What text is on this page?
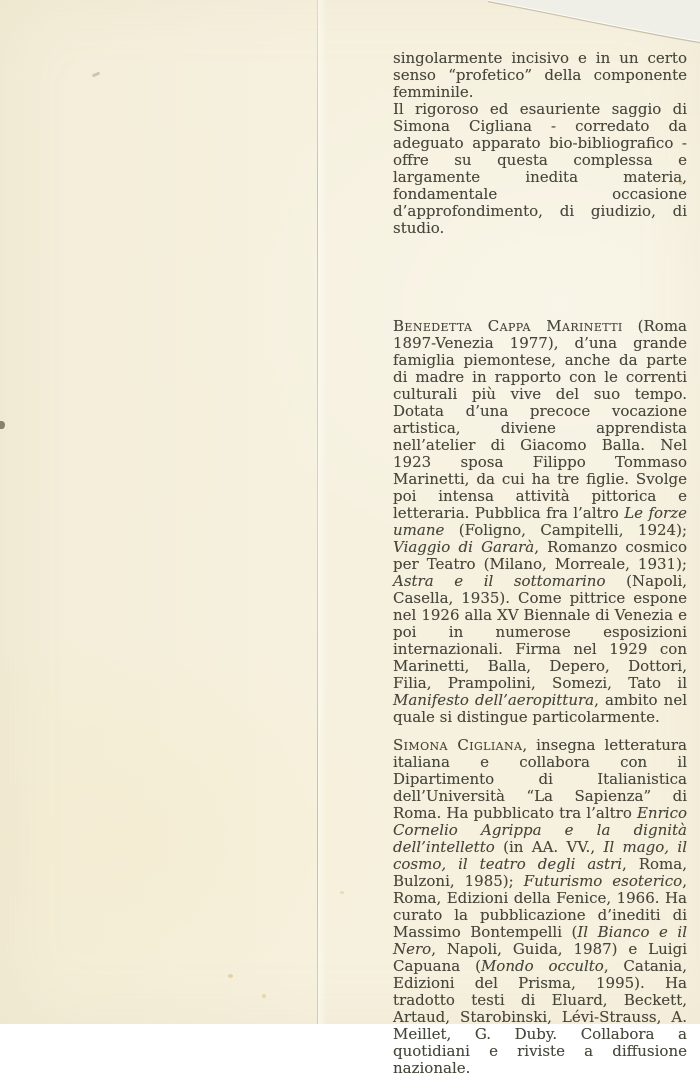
singolarmente incisivo e in un certo senso “profetico” della componente femminile.

Il rigoroso ed esauriente saggio di Simona Cigliana - corredato da adeguato apparato bio-bibliografico - offre su questa complessa e largamente inedita materia, fondamentale occasione d’approfondimento, di giudizio, di studio.

Benedetta Cappa Marinetti (Roma 1897-Venezia 1977), d’una grande famiglia piemontese, anche da parte di madre in rapporto con le correnti culturali più vive del suo tempo. Dotata d’una precoce vocazione artistica, diviene apprendista nell’atelier di Giacomo Balla. Nel 1923 sposa Filippo Tommaso Marinetti, da cui ha tre figlie. Svolge poi intensa attività pittorica e letteraria. Pubblica fra l’altro Le forze umane (Foligno, Campitelli, 1924); Viaggio di Gararà, Romanzo cosmico per Teatro (Milano, Morreale, 1931); Astra e il sottomarino (Napoli, Casella, 1935). Come pittrice espone nel 1926 alla XV Biennale di Venezia e poi in numerose esposizioni internazionali. Firma nel 1929 con Marinetti, Balla, Depero, Dottori, Filia, Prampolini, Somezi, Tato il Manifesto dell’aeropittura, ambito nel quale si distingue particolarmente.

Simona Cigliana, insegna letteratura italiana e collabora con il Dipartimento di Italianistica dell’Università “La Sapienza” di Roma. Ha pubblicato tra l’altro Enrico Cornelio Agrippa e la dignità dell’intelletto (in AA. VV., Il mago, il cosmo, il teatro degli astri, Roma, Bulzoni, 1985); Futurismo esoterico, Roma, Edizioni della Fenice, 1966. Ha curato la pubblicazione d’inediti di Massimo Bontempelli (Il Bianco e il Nero, Napoli, Guida, 1987) e Luigi Capuana (Mondo occulto, Catania, Edizioni del Prisma, 1995). Ha tradotto testi di Eluard, Beckett, Artaud, Starobinski, Lévi-Strauss, A. Meillet, G. Duby. Collabora a quotidiani e riviste a diffusione nazionale.
